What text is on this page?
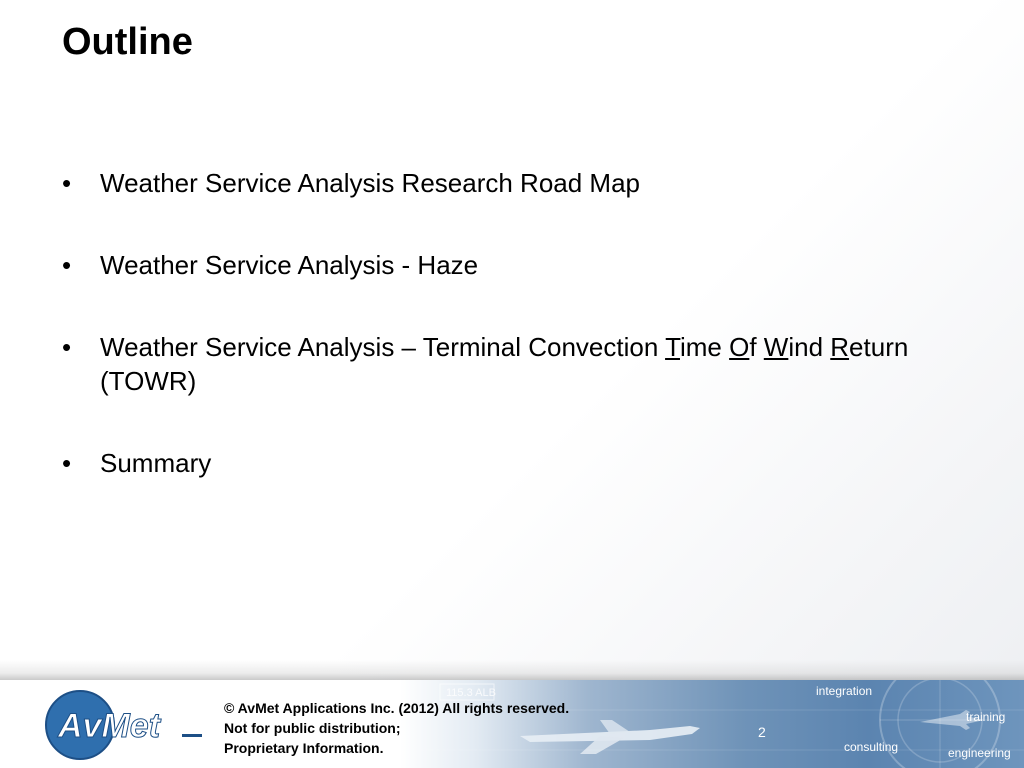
Outline
• Weather Service Analysis Research Road Map
• Weather Service Analysis - Haze
• Weather Service Analysis – Terminal Convection Time Of Wind Return (TOWR)
• Summary
115.3 ALB
AvMet	© AvMet Applications Inc. (2012) All rights reserved.
Not for public distribution;
Proprietary Information.
2
integration
training
consulting	engineering
